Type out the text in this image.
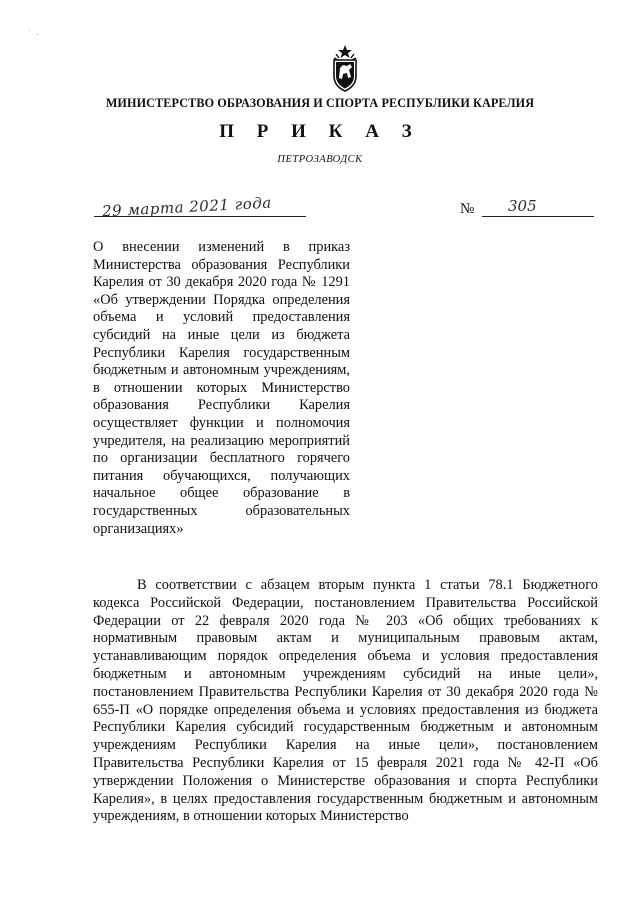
˙ .
МИНИСТЕРСТВО ОБРАЗОВАНИЯ И СПОРТА РЕСПУБЛИКИ КАРЕЛИЯ
П Р И К А З
ПЕТРОЗАВОДСК
29 марта 2021 года	№ 305
О внесении изменений в приказ Министерства образования Республики Карелия от 30 декабря 2020 года № 1291 «Об утверждении Порядка определения объема и условий предоставления субсидий на иные цели из бюджета Республики Карелия государственным бюджетным и автономным учреждениям, в отношении которых Министерство образования Республики Карелия осуществляет функции и полномочия учредителя, на реализацию мероприятий по организации бесплатного горячего питания обучающихся, получающих начальное общее образование в государственных образовательных организациях»
В соответствии с абзацем вторым пункта 1 статьи 78.1 Бюджетного кодекса Российской Федерации, постановлением Правительства Российской Федерации от 22 февраля 2020 года № 203 «Об общих требованиях к нормативным правовым актам и муниципальным правовым актам, устанавливающим порядок определения объема и условия предоставления бюджетным и автономным учреждениям субсидий на иные цели», постановлением Правительства Республики Карелия от 30 декабря 2020 года № 655-П «О порядке определения объема и условиях предоставления из бюджета Республики Карелия субсидий государственным бюджетным и автономным учреждениям Республики Карелия на иные цели», постановлением Правительства Республики Карелия от 15 февраля 2021 года № 42-П «Об утверждении Положения о Министерстве образования и спорта Республики Карелия», в целях предоставления государственным бюджетным и автономным учреждениям, в отношении которых Министерство
